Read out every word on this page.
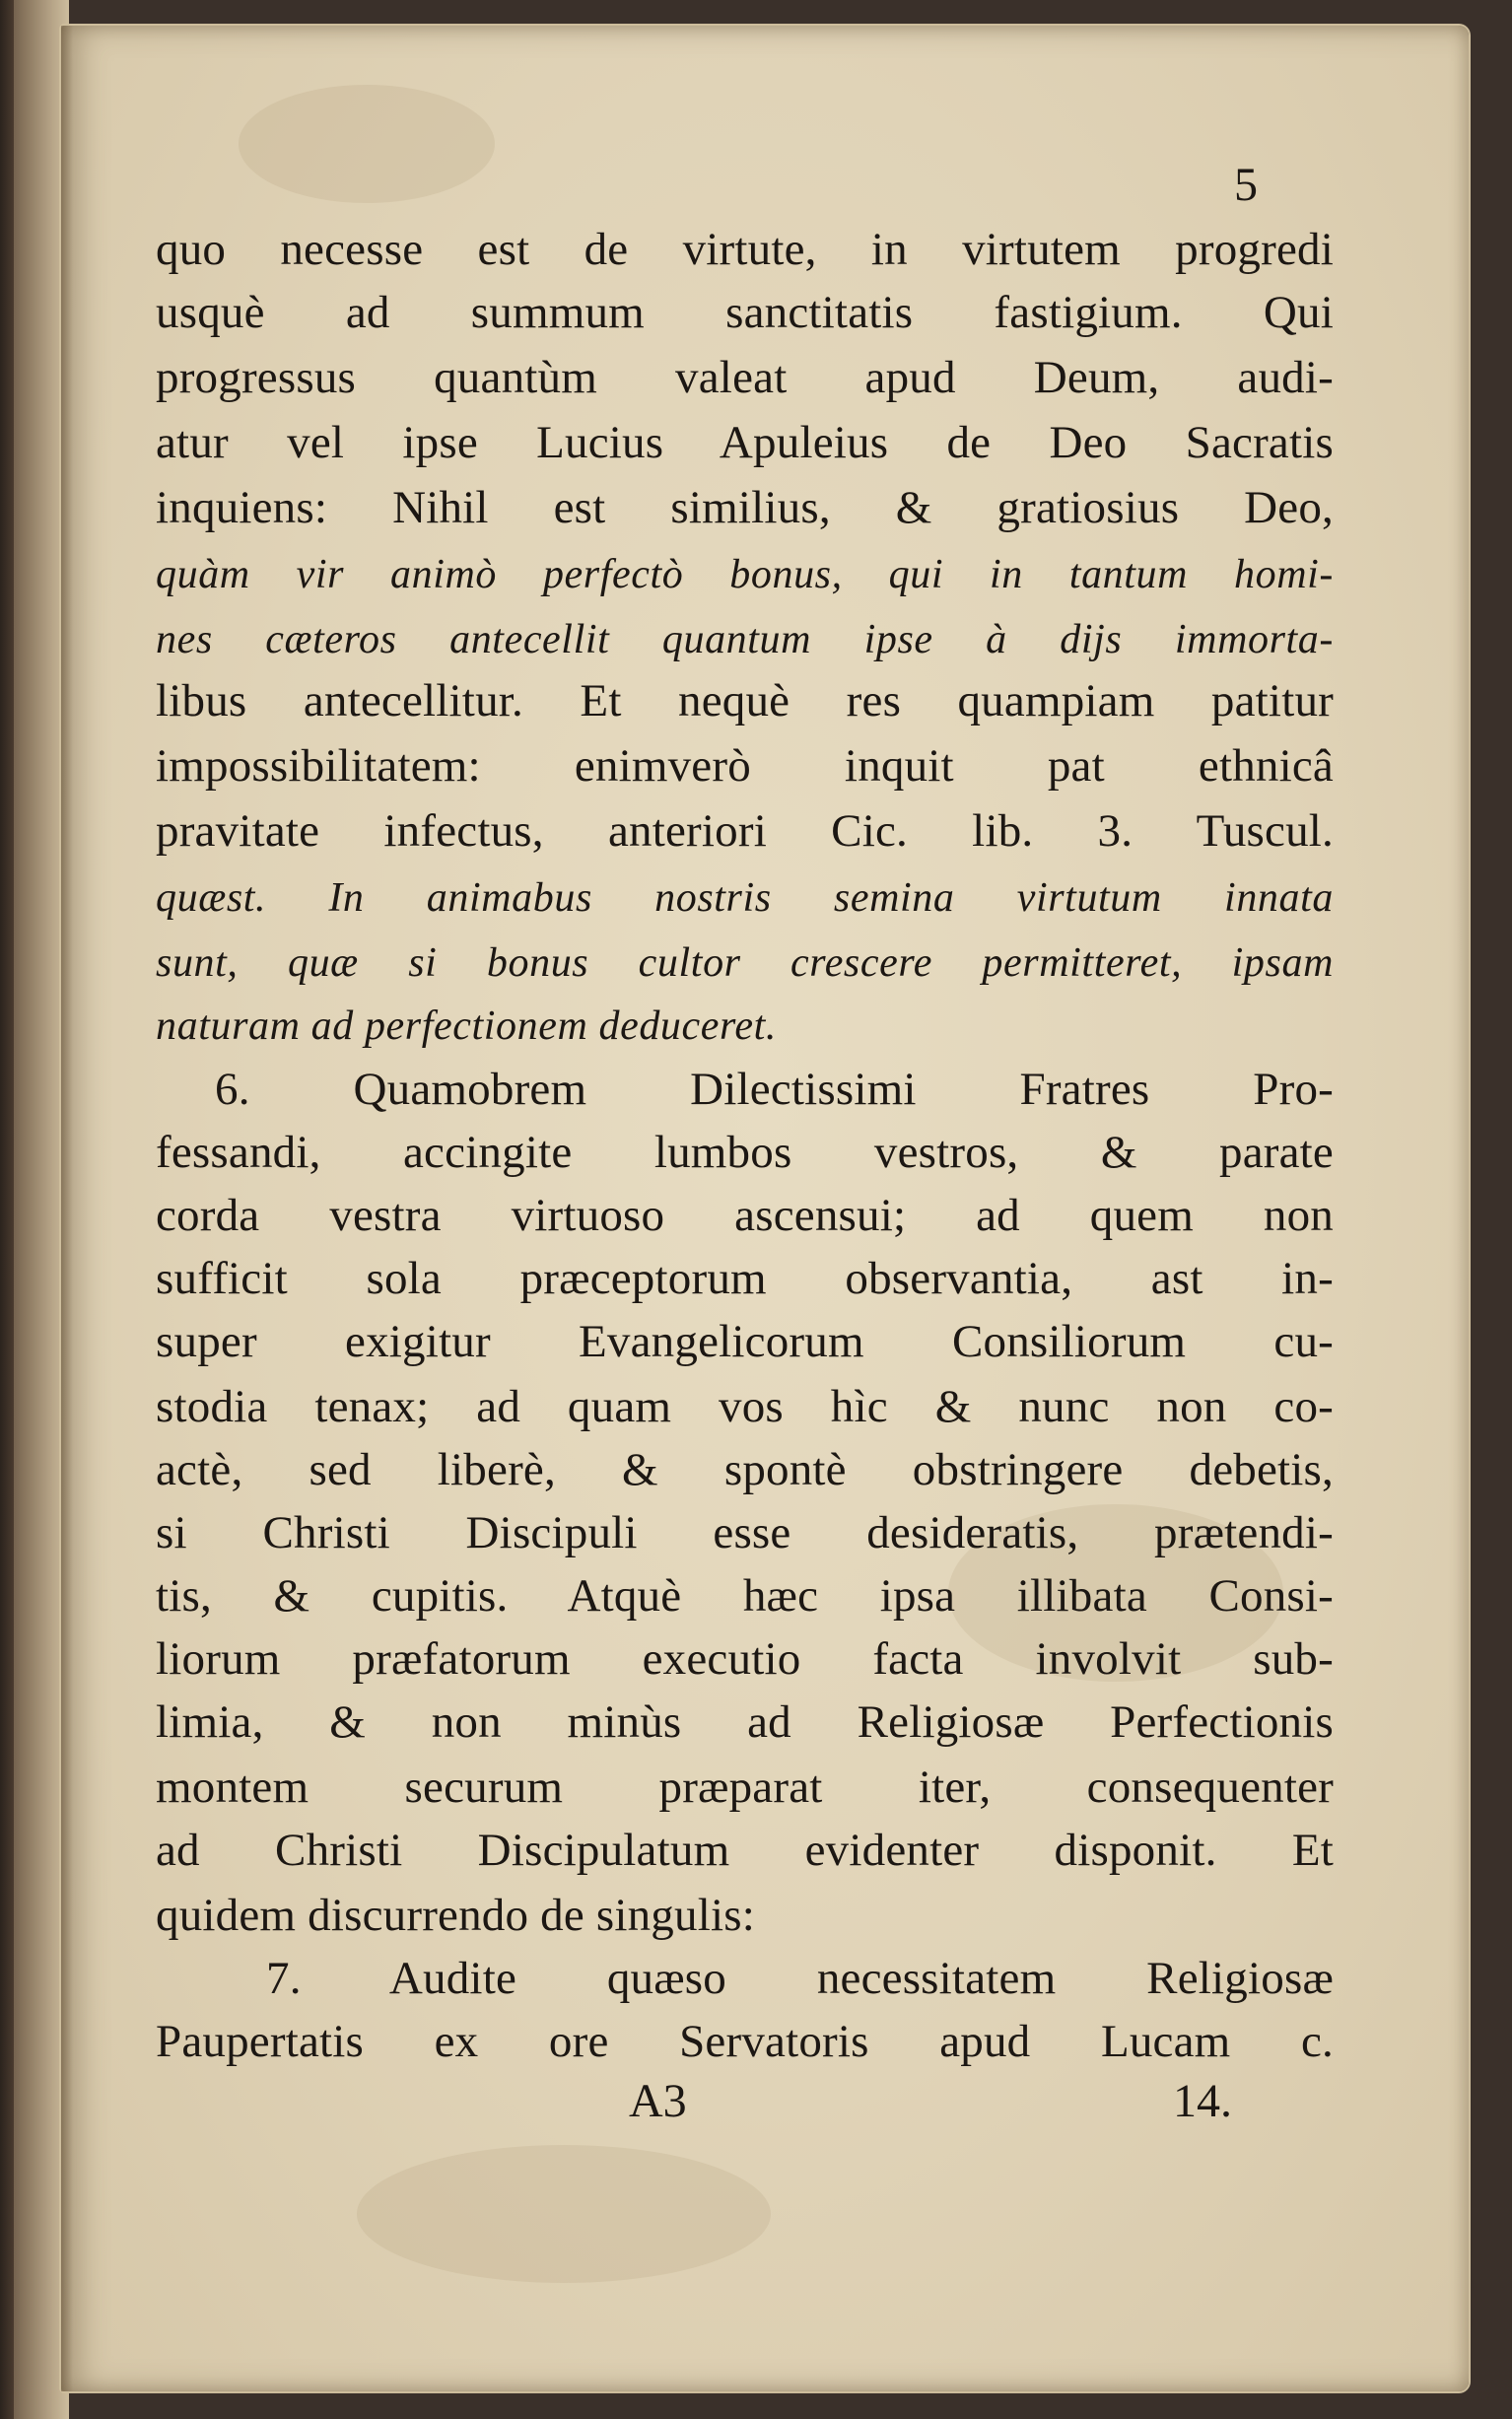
5
quo necesse est de virtute, in virtutem progredi
usquè ad summum sanctitatis fastigium. Qui
progressus quantùm valeat apud Deum, audi-
atur vel ipse Lucius Apuleius de Deo Sacratis
inquiens: Nihil est similius, & gratiosius Deo,
quàm vir animò perfectò bonus, qui in tantum homi-
nes cæteros antecellit quantum ipse à dijs immorta-
libus antecellitur. Et nequè res quampiam patitur
impossibilitatem: enimverò inquit pat ethnicâ
pravitate infectus, anteriori Cic. lib. 3. Tuscul.
quæst. In animabus nostris semina virtutum innata
sunt, quæ si bonus cultor crescere permitteret, ipsam
naturam ad perfectionem deduceret.
6. Quamobrem Dilectissimi Fratres Pro-
fessandi, accingite lumbos vestros, & parate
corda vestra virtuoso ascensui; ad quem non
sufficit sola præceptorum observantia, ast in-
super exigitur Evangelicorum Consiliorum cu-
stodia tenax; ad quam vos hìc & nunc non co-
actè, sed liberè, & spontè obstringere debetis,
si Christi Discipuli esse desideratis, prætendi-
tis, & cupitis. Atquè hæc ipsa illibata Consi-
liorum præfatorum executio facta involvit sub-
limia, & non minùs ad Religiosæ Perfectionis
montem securum præparat iter, consequenter
ad Christi Discipulatum evidenter disponit. Et
quidem discurrendo de singulis:
7. Audite quæso necessitatem Religiosæ
Paupertatis ex ore Servatoris apud Lucam c.
A3	14.
